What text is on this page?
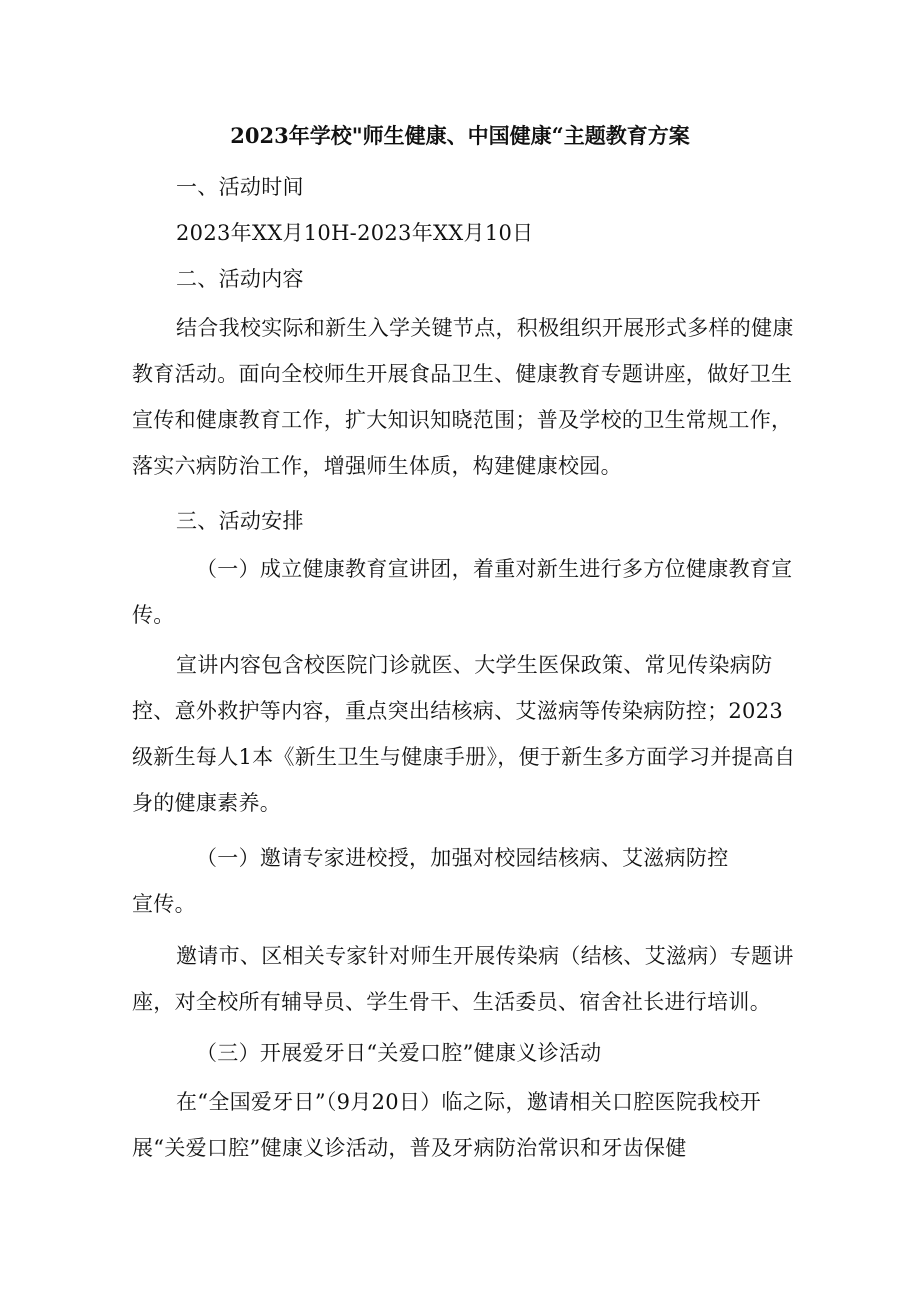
2023年学校"师生健康、中国健康“主题教育方案

一、活动时间

2023年XX月10H-2023年XX月10日

二、活动内容

结合我校实际和新生入学关键节点，积极组织开展形式多样的健康教育活动。面向全校师生开展食品卫生、健康教育专题讲座，做好卫生宣传和健康教育工作，扩大知识知晓范围；普及学校的卫生常规工作，落实六病防治工作，增强师生体质，构建健康校园。

三、活动安排

（一）成立健康教育宣讲团，着重对新生进行多方位健康教育宣传。

宣讲内容包含校医院门诊就医、大学生医保政策、常见传染病防控、意外救护等内容，重点突出结核病、艾滋病等传染病防控；2023级新生每人1本《新生卫生与健康手册》，便于新生多方面学习并提高自身的健康素养。

（一）邀请专家进校授，加强对校园结核病、艾滋病防控宣传。

邀请市、区相关专家针对师生开展传染病（结核、艾滋病）专题讲座，对全校所有辅导员、学生骨干、生活委员、宿舍社长进行培训。

（三）开展爱牙日“关爱口腔”健康义诊活动

在“全国爱牙日”（9月20日）临之际，邀请相关口腔医院我校开展“关爱口腔”健康义诊活动，普及牙病防治常识和牙齿保健
